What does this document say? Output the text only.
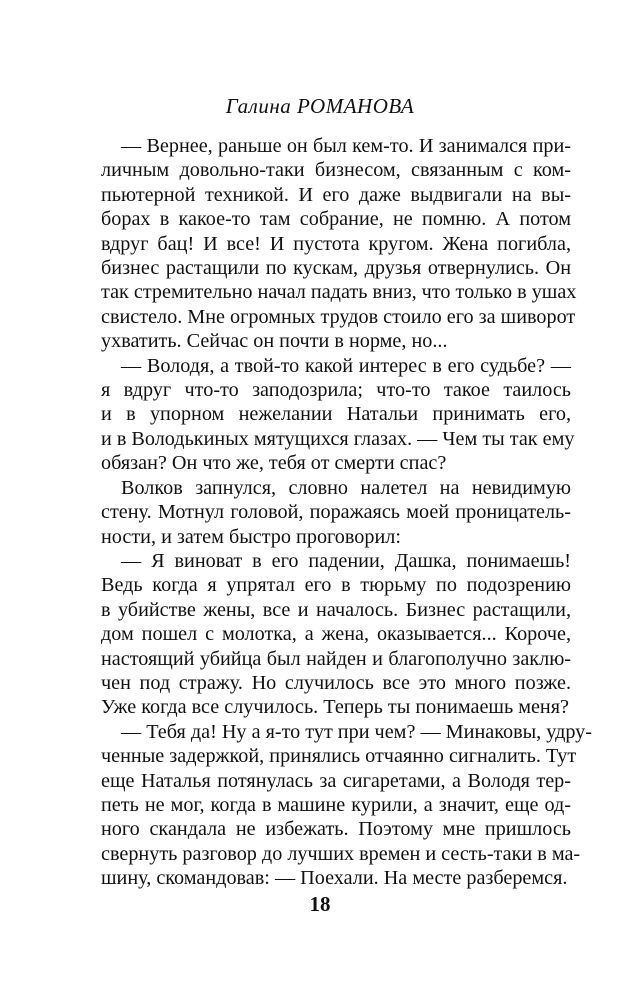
Галина РОМАНОВА
— Вернее, раньше он был кем-то. И занимался при-
личным довольно-таки бизнесом, связанным с ком-
пьютерной техникой. И его даже выдвигали на вы-
борах в какое-то там собрание, не помню. А потом
вдруг бац! И все! И пустота кругом. Жена погибла,
бизнес растащили по кускам, друзья отвернулись. Он
так стремительно начал падать вниз, что только в ушах
свистело. Мне огромных трудов стоило его за шиворот
ухватить. Сейчас он почти в норме, но...
— Володя, а твой-то какой интерес в его судьбе? —
я вдруг что-то заподозрила; что-то такое таилось
и в упорном нежелании Натальи принимать его,
и в Володькиных мятущихся глазах. — Чем ты так ему
обязан? Он что же, тебя от смерти спас?
Волков запнулся, словно налетел на невидимую
стену. Мотнул головой, поражаясь моей проницатель-
ности, и затем быстро проговорил:
— Я виноват в его падении, Дашка, понимаешь!
Ведь когда я упрятал его в тюрьму по подозрению
в убийстве жены, все и началось. Бизнес растащили,
дом пошел с молотка, а жена, оказывается... Короче,
настоящий убийца был найден и благополучно заклю-
чен под стражу. Но случилось все это много позже.
Уже когда все случилось. Теперь ты понимаешь меня?
— Тебя да! Ну а я-то тут при чем? — Минаковы, удру-
ченные задержкой, принялись отчаянно сигналить. Тут
еще Наталья потянулась за сигаретами, а Володя тер-
петь не мог, когда в машине курили, а значит, еще од-
ного скандала не избежать. Поэтому мне пришлось
свернуть разговор до лучших времен и сесть-таки в ма-
шину, скомандовав: — Поехали. На месте разберемся.
18
